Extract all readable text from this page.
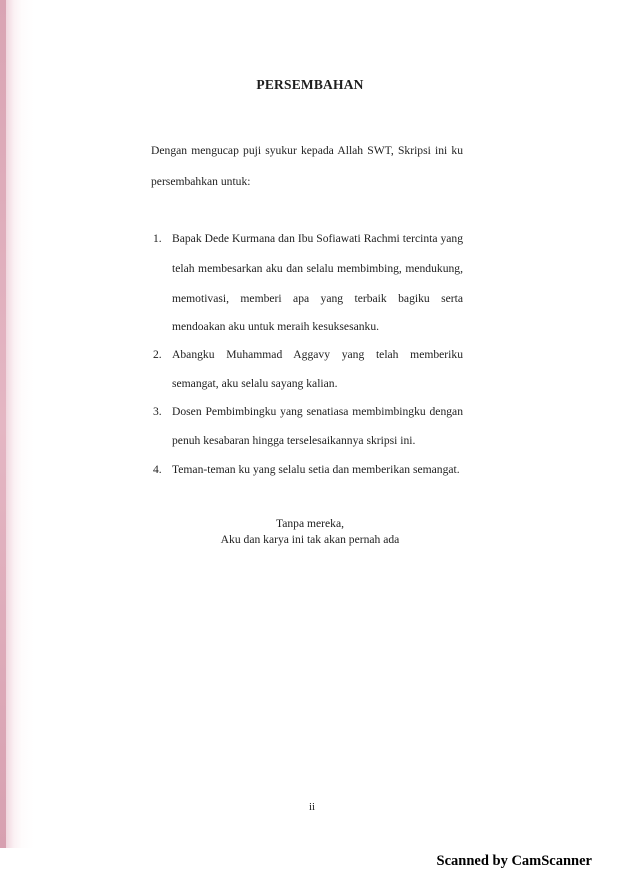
PERSEMBAHAN
Dengan mengucap puji syukur kepada Allah SWT, Skripsi ini ku
persembahkan untuk:
1. Bapak Dede Kurmana dan Ibu Sofiawati Rachmi tercinta yang
telah membesarkan aku dan selalu membimbing, mendukung,
memotivasi, memberi apa yang terbaik bagiku serta
mendoakan aku untuk meraih kesuksesanku.
2. Abangku Muhammad Aggavy yang telah memberiku
semangat, aku selalu sayang kalian.
3. Dosen Pembimbingku yang senatiasa membimbingku dengan
penuh kesabaran hingga terselesaikannya skripsi ini.
4. Teman-teman ku yang selalu setia dan memberikan semangat.
Tanpa mereka,
Aku dan karya ini tak akan pernah ada
ii
Scanned by CamScanner
